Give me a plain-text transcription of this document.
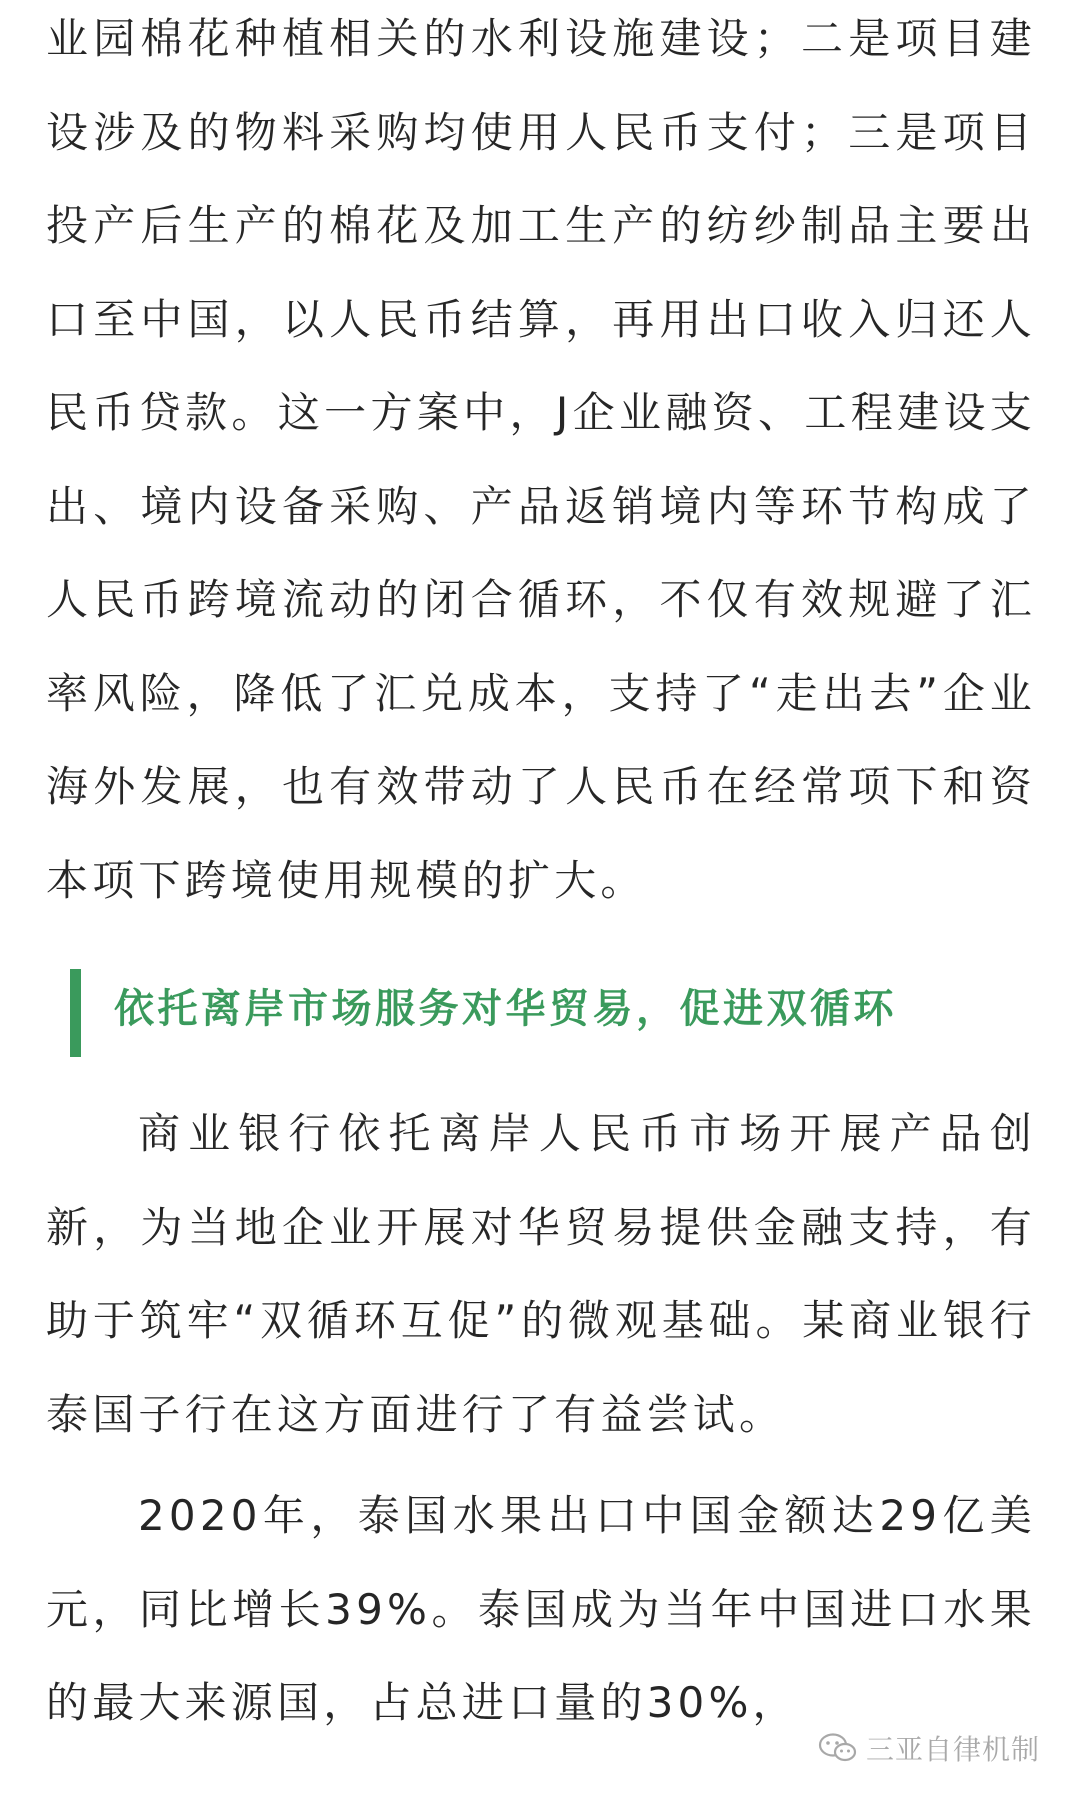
业园棉花种植相关的水利设施建设；二是项目建设涉及的物料采购均使用人民币支付；三是项目投产后生产的棉花及加工生产的纺纱制品主要出口至中国，以人民币结算，再用出口收入归还人民币贷款。这一方案中，J企业融资、工程建设支出、境内设备采购、产品返销境内等环节构成了人民币跨境流动的闭合循环，不仅有效规避了汇率风险，降低了汇兑成本，支持了“走出去”企业海外发展，也有效带动了人民币在经常项下和资本项下跨境使用规模的扩大。

依托离岸市场服务对华贸易，促进双循环

商业银行依托离岸人民币市场开展产品创新，为当地企业开展对华贸易提供金融支持，有助于筑牢“双循环互促”的微观基础。某商业银行泰国子行在这方面进行了有益尝试。

2020年，泰国水果出口中国金额达29亿美元，同比增长39%。泰国成为当年中国进口水果的最大来源国，占总进口量的30%，

三亚自律机制
